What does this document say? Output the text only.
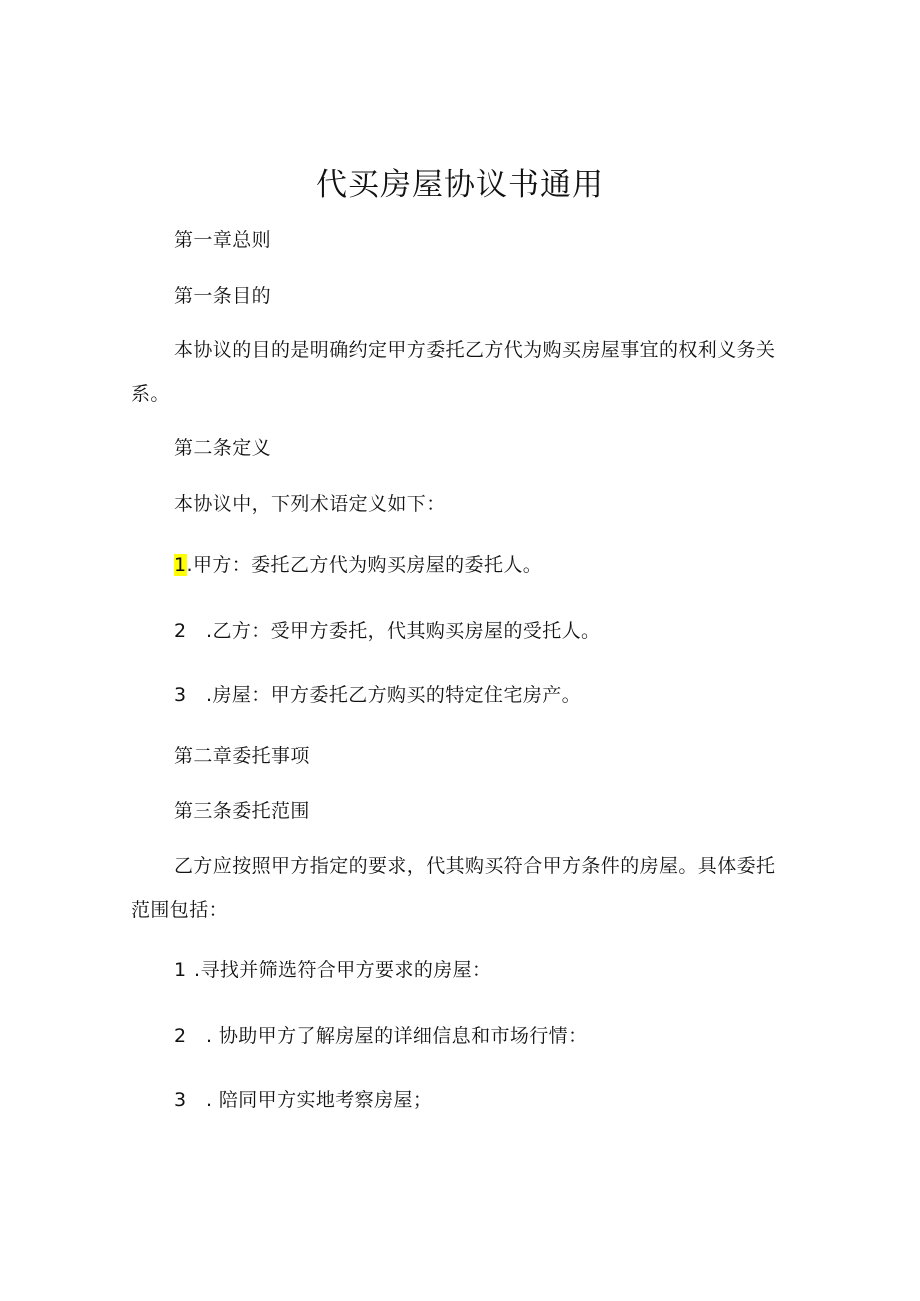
代买房屋协议书通用
第一章总则
第一条目的
本协议的目的是明确约定甲方委托乙方代为购买房屋事宜的权利义务关系。
第二条定义
本协议中，下列术语定义如下：
1.甲方：委托乙方代为购买房屋的委托人。
2 .乙方：受甲方委托，代其购买房屋的受托人。
3 .房屋：甲方委托乙方购买的特定住宅房产。
第二章委托事项
第三条委托范围
乙方应按照甲方指定的要求，代其购买符合甲方条件的房屋。具体委托范围包括：
1 .寻找并筛选符合甲方要求的房屋：
2 . 协助甲方了解房屋的详细信息和市场行情：
3 . 陪同甲方实地考察房屋；
